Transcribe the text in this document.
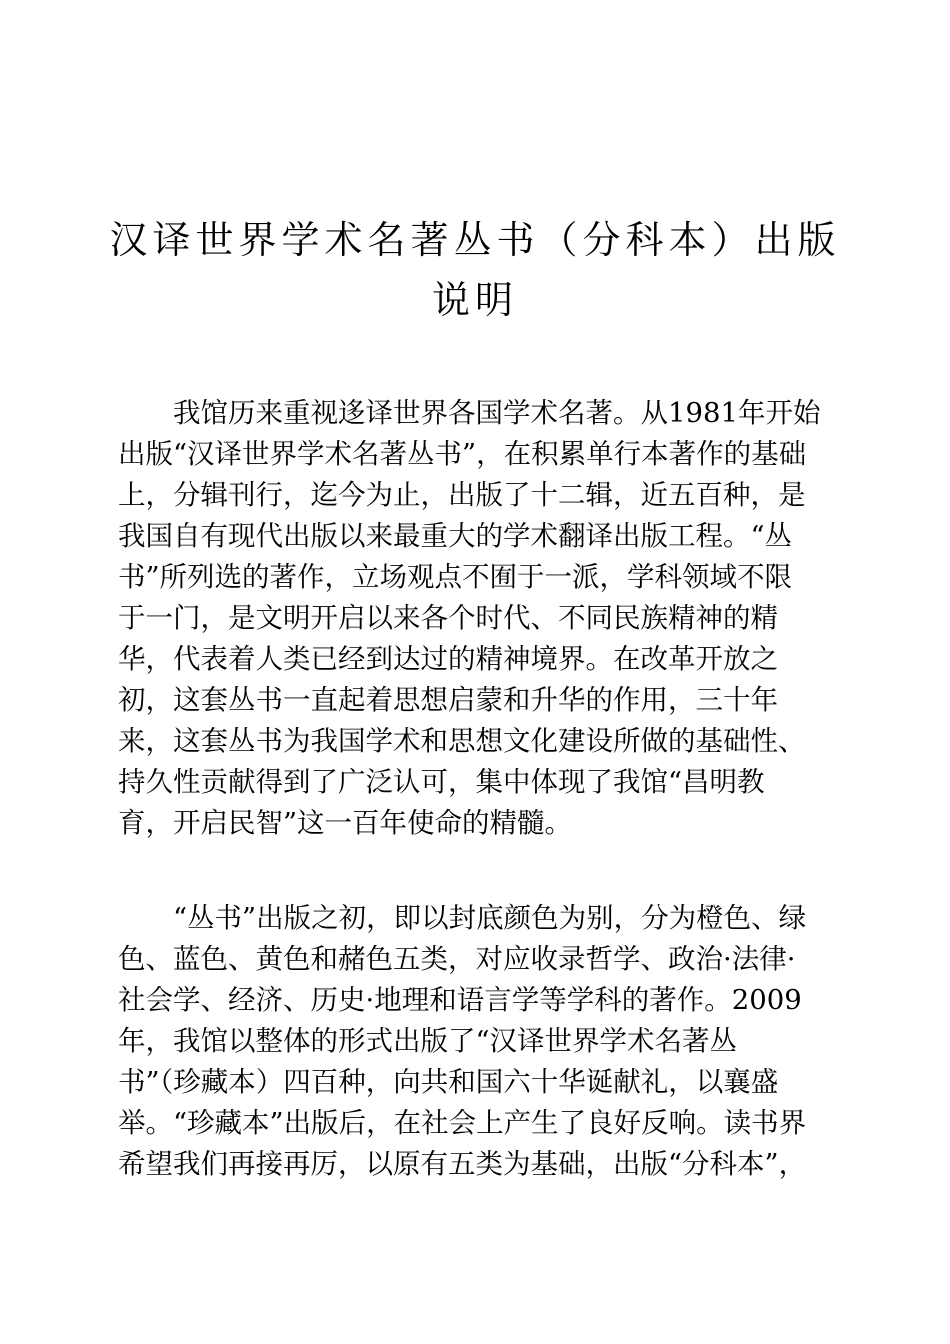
汉译世界学术名著丛书（分科本）出版
说明
我馆历来重视迻译世界各国学术名著。从1981年开始
出版“汉译世界学术名著丛书”，在积累单行本著作的基础
上，分辑刊行，迄今为止，出版了十二辑，近五百种，是
我国自有现代出版以来最重大的学术翻译出版工程。“丛
书”所列选的著作，立场观点不囿于一派，学科领域不限
于一门，是文明开启以来各个时代、不同民族精神的精
华，代表着人类已经到达过的精神境界。在改革开放之
初，这套丛书一直起着思想启蒙和升华的作用，三十年
来，这套丛书为我国学术和思想文化建设所做的基础性、
持久性贡献得到了广泛认可，集中体现了我馆“昌明教
育，开启民智”这一百年使命的精髓。
“丛书”出版之初，即以封底颜色为别，分为橙色、绿
色、蓝色、黄色和赭色五类，对应收录哲学、政治·法律·
社会学、经济、历史·地理和语言学等学科的著作。2009
年，我馆以整体的形式出版了“汉译世界学术名著丛
书”（珍藏本）四百种，向共和国六十华诞献礼，以襄盛
举。“珍藏本”出版后，在社会上产生了良好反响。读书界
希望我们再接再厉，以原有五类为基础，出版“分科本”，
